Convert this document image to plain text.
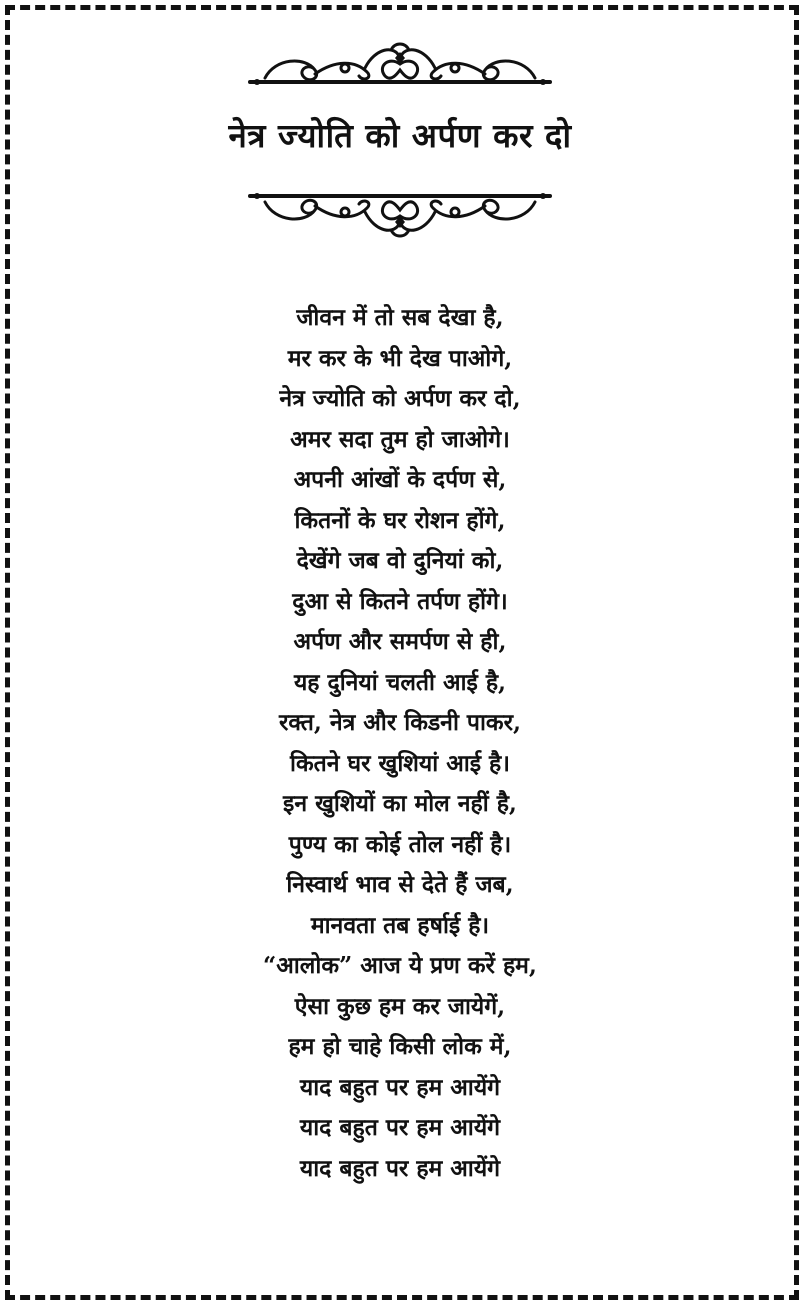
नेत्र ज्योति को अर्पण कर दो
जीवन में तो सब देखा है,
मर कर के भी देख पाओगे,
नेत्र ज्योति को अर्पण कर दो,
अमर सदा तुम हो जाओगे।
अपनी आंखों के दर्पण से,
कितनों के घर रोशन होंगे,
देखेंगे जब वो दुनियां को,
दुआ से कितने तर्पण होंगे।
अर्पण और समर्पण से ही,
यह दुनियां चलती आई है,
रक्त, नेत्र और किडनी पाकर,
कितने घर खुशियां आई है।
इन खुशियों का मोल नहीं है,
पुण्य का कोई तोल नहीं है।
निस्वार्थ भाव से देते हैं जब,
मानवता तब हर्षाई है।
“आलोक” आज ये प्रण करें हम,
ऐसा कुछ हम कर जायेगें,
हम हो चाहे किसी लोक में,
याद बहुत पर हम आयेंगे
याद बहुत पर हम आयेंगे
याद बहुत पर हम आयेंगे
